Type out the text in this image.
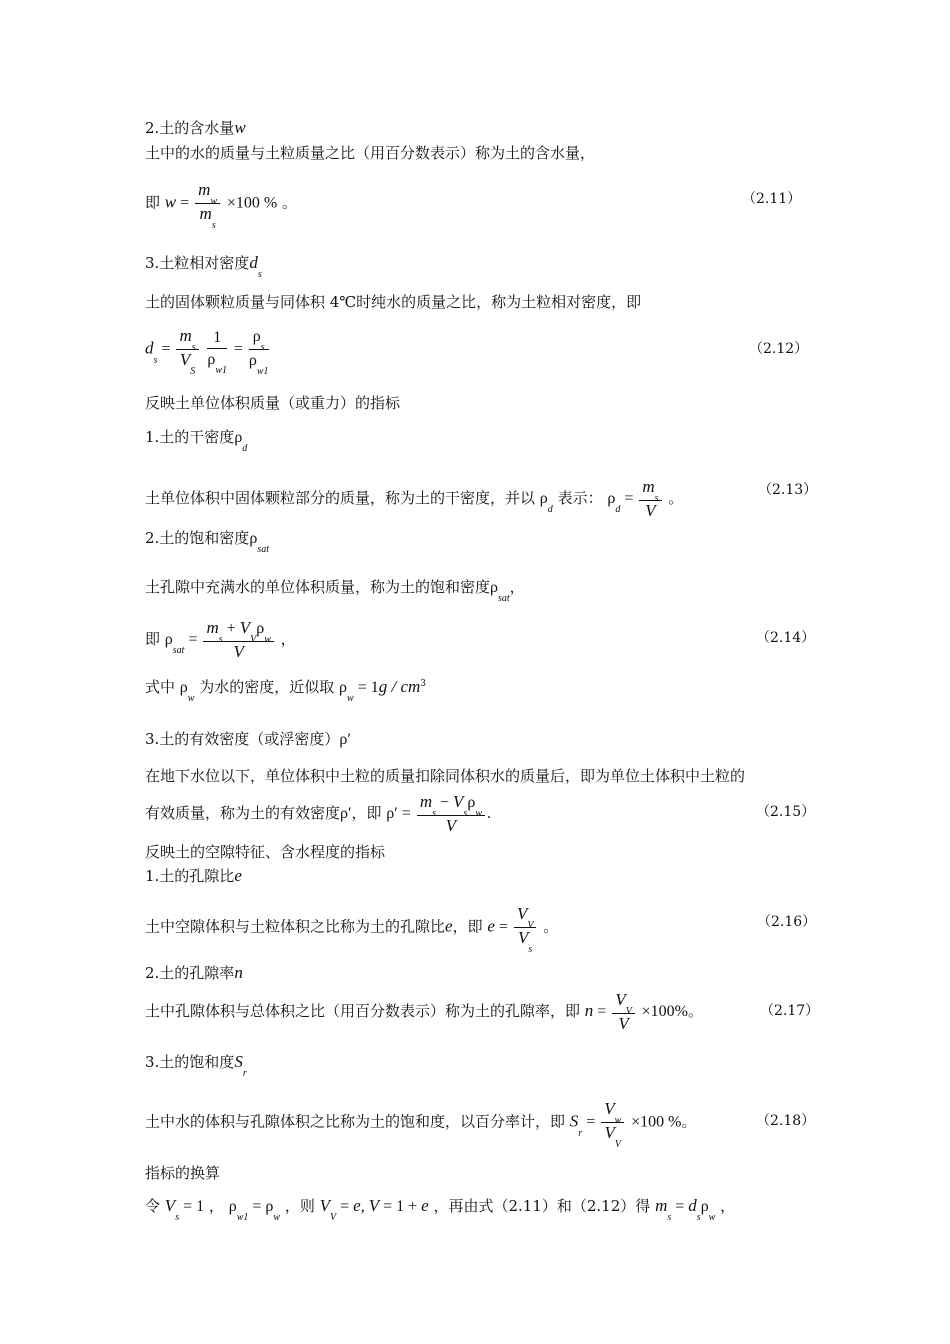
2.土的含水量w
土中的水的质量与土粒质量之比（用百分数表示）称为土的含水量，
即 $w = \frac{m_w}{m_s} \times 100$ % 。	（2.11）
3.土粒相对密度$d_s$
土的固体颗粒质量与同体积 4℃时纯水的质量之比，称为土粒相对密度，即
$d_s = \frac{m_s}{V_S}$
$\frac{1}{\rho_{w1}} = \frac{\rho_s}{\rho_{w1}}$	（2.12）
反映土单位体积质量（或重力）的指标
1.土的干密度$\rho_d$
土单位体积中固体颗粒部分的质量，称为土的干密度，并以 $\rho_d$ 表示： $\rho_d = \frac{m_s}{V}$ 。	（2.13）
2.土的饱和密度$\rho_{sat}$
土孔隙中充满水的单位体积质量，称为土的饱和密度$\rho_{sat}$，
即 $\rho_{sat} = \frac{m_s + V_V\rho_w}{V}$ ，	（2.14）
式中 $\rho_w$ 为水的密度，近似取 $\rho_w = 1g / cm^3$
3.土的有效密度（或浮密度）ρ′
在地下水位以下，单位体积中土粒的质量扣除同体积水的质量后，即为单位土体积中土粒的
有效质量，称为土的有效密度ρ′，即 $\rho' = \frac{m_s - V_s\rho_w}{V}$ .	（2.15）
反映土的空隙特征、含水程度的指标
1.土的孔隙比e
土中空隙体积与土粒体积之比称为土的孔隙比e，即 $e = \frac{V_V}{V_s}$ 。	（2.16）
2.土的孔隙率n
土中孔隙体积与总体积之比（用百分数表示）称为土的孔隙率，即 $n = \frac{V_V}{V} \times 100\%$。	（2.17）
3.土的饱和度$S_r$
土中水的体积与孔隙体积之比称为土的饱和度，以百分率计，即 $S_r = \frac{V_w}{V_V} \times 100$ %。	（2.18）
指标的换算
令 $V_s = 1$ ， $\rho_{w1} = \rho_w$ ，则 $V_V = e$, V = 1 + e ，再由式（2.11）和（2.12）得 $m_s = d_s\rho_w$ ，
